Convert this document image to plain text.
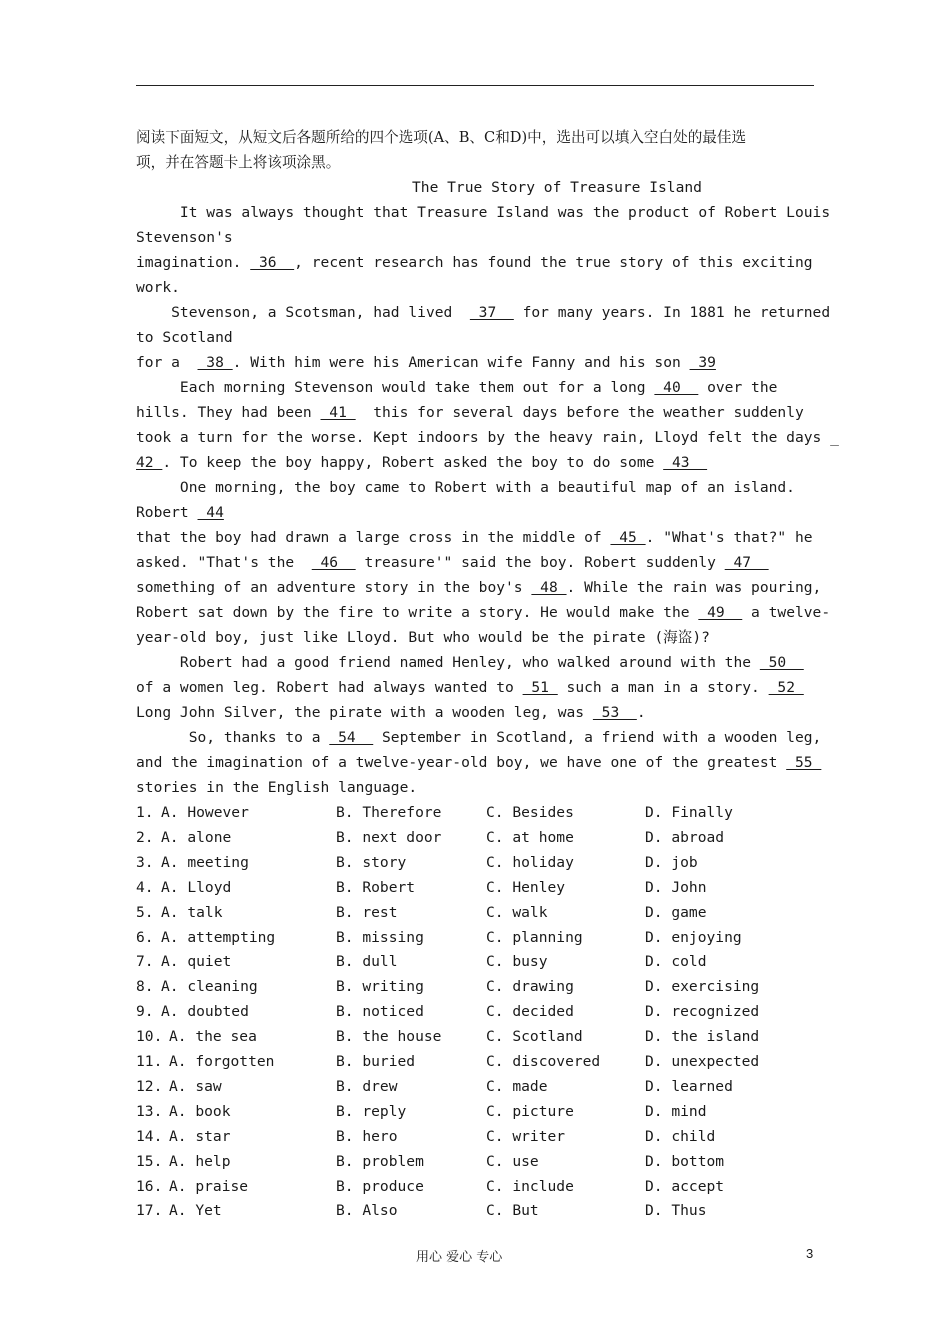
阅读下面短文，从短文后各题所给的四个选项(A、B、C和D)中，选出可以填入空白处的最佳选
项，并在答题卡上将该项涂黑。
The True Story of Treasure Island
It was always thought that Treasure Island was the product of Robert Louis
Stevenson's
imagination.  36  , recent research has found the true story of this exciting
work.
Stevenson, a Scotsman, had lived   37   for many years. In 1881 he returned
to Scotland
for a   38 . With him were his American wife Fanny and his son  39
Each morning Stevenson would take them out for a long  40   over the
hills. They had been  41   this for several days before the weather suddenly
took a turn for the worse. Kept indoors by the heavy rain, Lloyd felt the days _
42 . To keep the boy happy, Robert asked the boy to do some  43
One morning, the boy came to Robert with a beautiful map of an island.
Robert  44
that the boy had drawn a large cross in the middle of  45 . "What's that?" he
asked. "That's the   46   treasure'" said the boy. Robert suddenly  47
something of an adventure story in the boy's  48 . While the rain was pouring,
Robert sat down by the fire to write a story. He would make the  49   a twelve-
year-old boy, just like Lloyd. But who would be the pirate (海盗)?
Robert had a good friend named Henley, who walked around with the  50
of a women leg. Robert had always wanted to  51  such a man in a story.  52
Long John Silver, the pirate with a wooden leg, was  53  .
So, thanks to a  54   September in Scotland, a friend with a wooden leg,
and the imagination of a twelve-year-old boy, we have one of the greatest  55
stories in the English language.
1. A. However	B. Therefore	C. Besides	D. Finally
2. A. alone	B. next door	C. at home	D. abroad
3. A. meeting	B. story	C. holiday	D. job
4. A. Lloyd	B. Robert	C. Henley	D. John
5. A. talk	B. rest	C. walk	D. game
6. A. attempting	B. missing	C. planning	D. enjoying
7. A. quiet	B. dull	C. busy	D. cold
8. A. cleaning	B. writing	C. drawing	D. exercising
9. A. doubted	B. noticed	C. decided	D. recognized
10. A. the sea	B. the house	C. Scotland	D. the island
11. A. forgotten	B. buried	C. discovered	D. unexpected
12. A. saw	B. drew	C. made	D. learned
13. A. book	B. reply	C. picture	D. mind
14. A. star	B. hero	C. writer	D. child
15. A. help	B. problem	C. use	D. bottom
16. A. praise	B. produce	C. include	D. accept
17. A. Yet	B. Also	C. But	D. Thus
用心 爱心 专心	3
